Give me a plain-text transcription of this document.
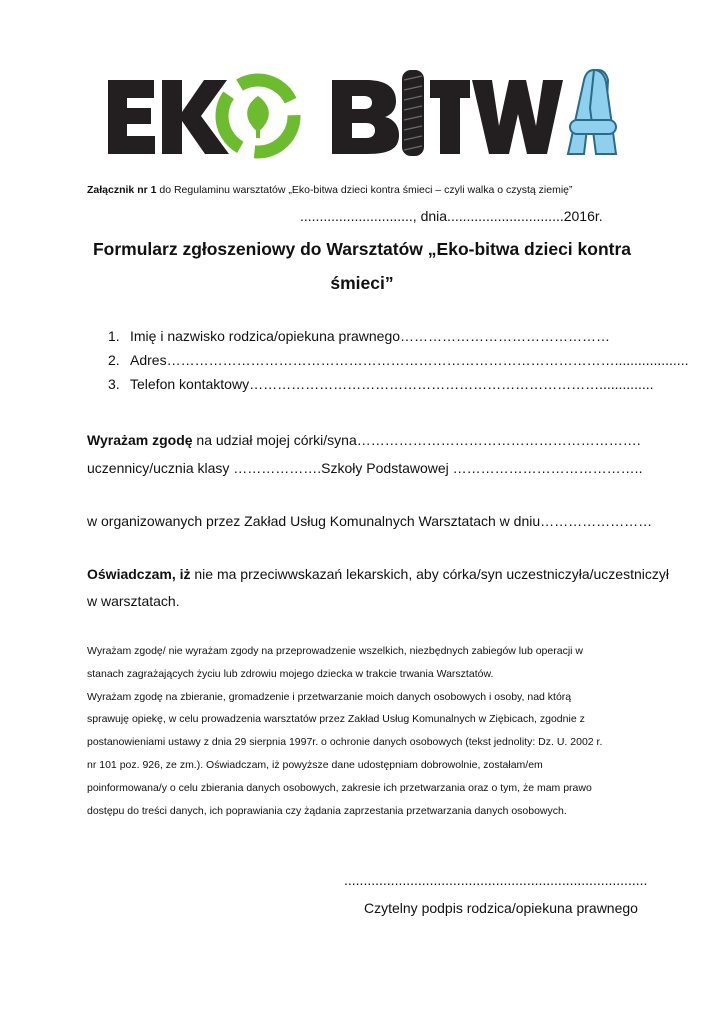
Załącznik nr 1 do Regulaminu warsztatów „Eko-bitwa dzieci kontra śmieci – czyli walka o czystą ziemię”
............................., dnia..............................2016r.
Formularz zgłoszeniowy do Warsztatów „Eko-bitwa dzieci kontra
śmieci”
1. Imię i nazwisko rodzica/opiekuna prawnego………………………………………
2. Adres……………………………………………………………………………………...................
3. Telefon kontaktowy…………………………………………………………………..............
Wyrażam zgodę na udział mojej córki/syna…………………………………………………….
uczennicy/ucznia klasy ……………….Szkoły Podstawowej …………………………………..
w organizowanych przez Zakład Usług Komunalnych Warsztatach w dniu……………………
Oświadczam, iż nie ma przeciwwskazań lekarskich, aby córka/syn uczestniczyła/uczestniczył
w warsztatach.

Wyrażam zgodę/ nie wyrażam zgody na przeprowadzenie wszelkich, niezbędnych zabiegów lub operacji w

stanach zagrażających życiu lub zdrowiu mojego dziecka w trakcie trwania Warsztatów.

Wyrażam zgodę na zbieranie, gromadzenie i przetwarzanie moich danych osobowych i osoby, nad którą

sprawuję opiekę, w celu prowadzenia warsztatów przez Zakład Usług Komunalnych w Ziębicach, zgodnie z

postanowieniami ustawy z dnia 29 sierpnia 1997r. o ochronie danych osobowych (tekst jednolity: Dz. U. 2002 r.

nr 101 poz. 926, ze zm.). Oświadczam, iż powyższe dane udostępniam dobrowolnie, zostałam/em

poinformowana/y o celu zbierania danych osobowych, zakresie ich przetwarzania oraz o tym, że mam prawo

dostępu do treści danych, ich poprawiania czy żądania zaprzestania przetwarzania danych osobowych.

..............................................................................
Czytelny podpis rodzica/opiekuna prawnego
